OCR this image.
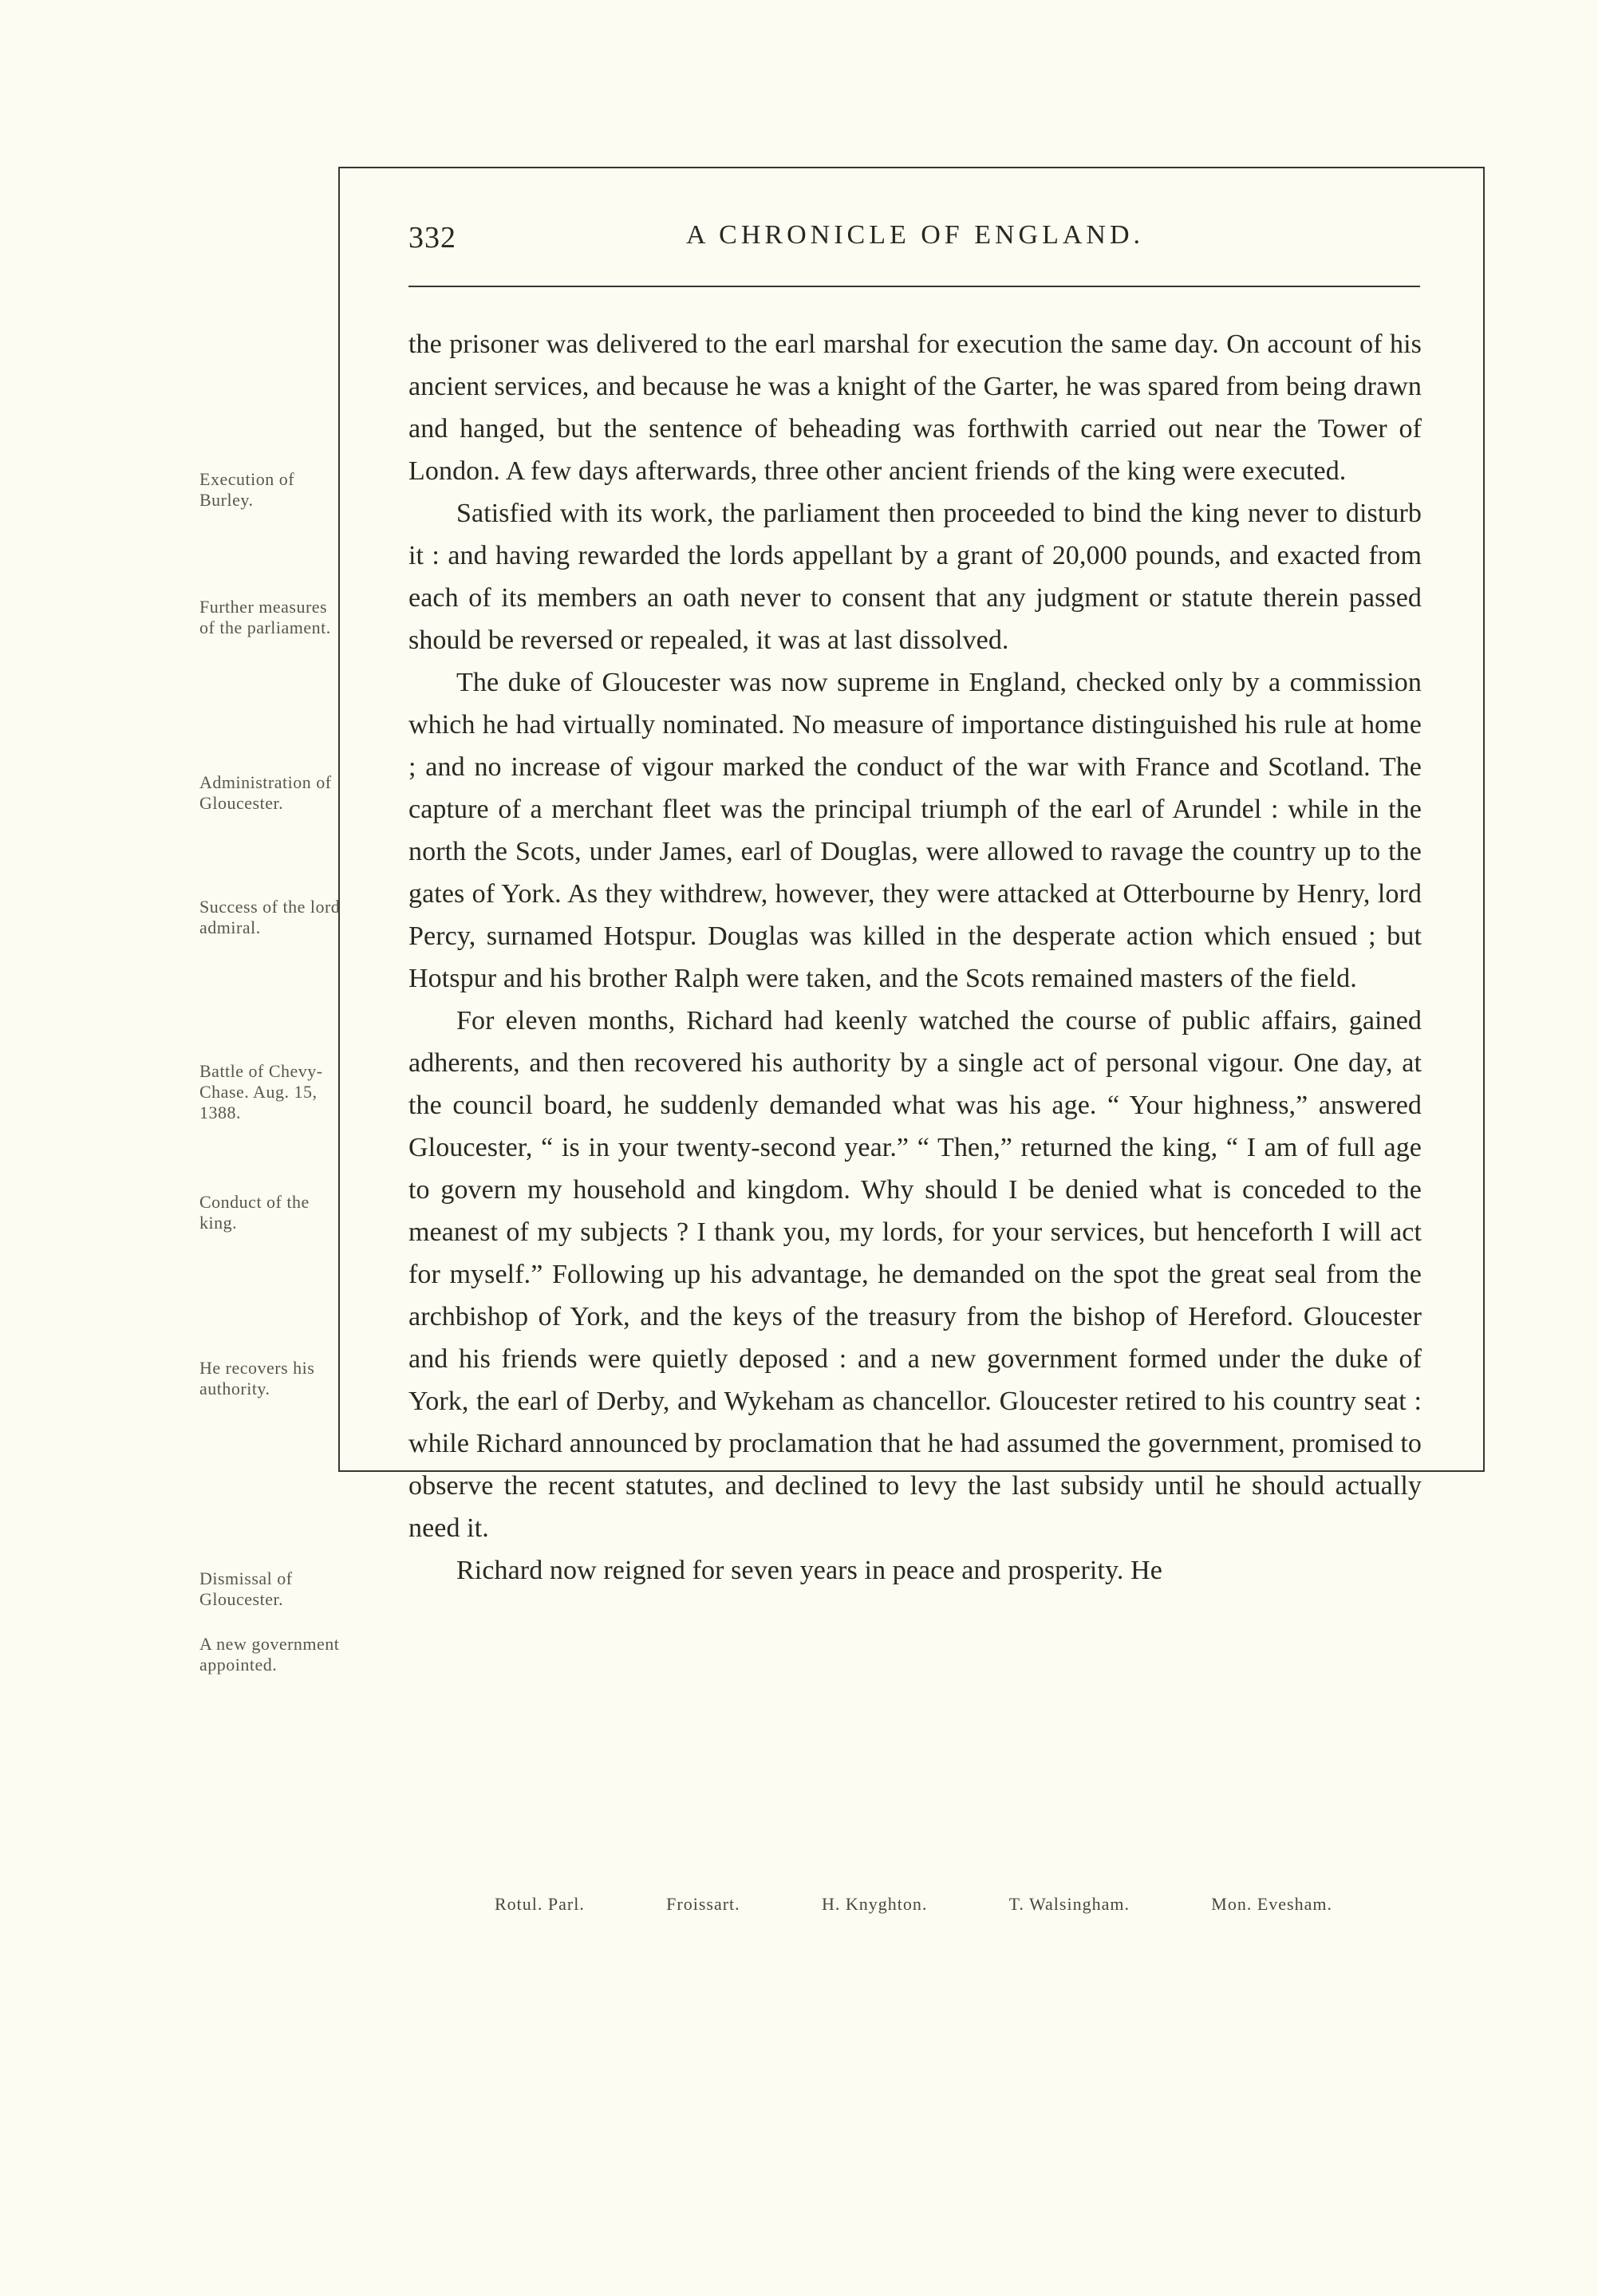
332	A CHRONICLE OF ENGLAND.
Execution of Burley.
Further measures of the parliament.
Administration of Gloucester.
Success of the lord admiral.
Battle of Chevy-Chase. Aug. 15, 1388.
Conduct of the king.
He recovers his authority.
Dismissal of Gloucester.
A new government appointed.

the prisoner was delivered to the earl marshal for execution the same day. On account of his ancient services, and because he was a knight of the Garter, he was spared from being drawn and hanged, but the sentence of beheading was forthwith carried out near the Tower of London. A few days afterwards, three other ancient friends of the king were executed.

Satisfied with its work, the parliament then proceeded to bind the king never to disturb it : and having rewarded the lords appellant by a grant of 20,000 pounds, and exacted from each of its members an oath never to consent that any judgment or statute therein passed should be reversed or repealed, it was at last dissolved.

The duke of Gloucester was now supreme in England, checked only by a commission which he had virtually nominated. No measure of importance distinguished his rule at home ; and no increase of vigour marked the conduct of the war with France and Scotland. The capture of a merchant fleet was the principal triumph of the earl of Arundel : while in the north the Scots, under James, earl of Douglas, were allowed to ravage the country up to the gates of York. As they withdrew, however, they were attacked at Otterbourne by Henry, lord Percy, surnamed Hotspur. Douglas was killed in the desperate action which ensued ; but Hotspur and his brother Ralph were taken, and the Scots remained masters of the field.

For eleven months, Richard had keenly watched the course of public affairs, gained adherents, and then recovered his authority by a single act of personal vigour. One day, at the council board, he suddenly demanded what was his age. “ Your highness,” answered Gloucester, “ is in your twenty-second year.” “ Then,” returned the king, “ I am of full age to govern my household and kingdom. Why should I be denied what is conceded to the meanest of my subjects ? I thank you, my lords, for your services, but henceforth I will act for myself.” Following up his advantage, he demanded on the spot the great seal from the archbishop of York, and the keys of the treasury from the bishop of Hereford. Gloucester and his friends were quietly deposed : and a new government formed under the duke of York, the earl of Derby, and Wykeham as chancellor. Gloucester retired to his country seat : while Richard announced by proclamation that he had assumed the government, promised to observe the recent statutes, and declined to levy the last subsidy until he should actually need it.

Richard now reigned for seven years in peace and prosperity. He

Rotul. Parl.	Froissart.	H. Knyghton.	T. Walsingham.	Mon. Evesham.
